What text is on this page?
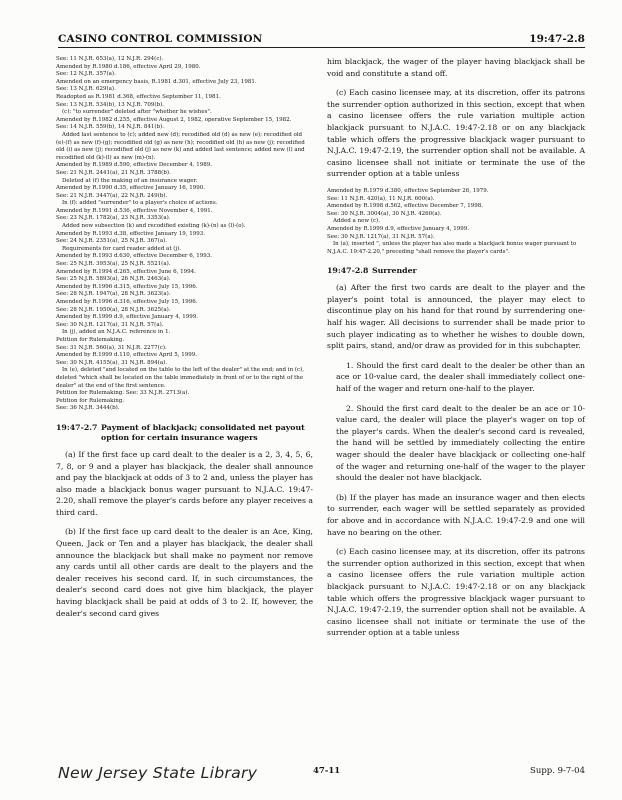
CASINO CONTROL COMMISSION	19:47-2.8
See: 11 N.J.R. 653(a), 12 N.J.R. 294(c).
Amended by R.1980 d.186, effective April 29, 1980.
See: 12 N.J.R. 357(a).
Amended on an emergency basis, R.1981 d.301, effective July 23, 1981.
See: 13 N.J.R. 629(a).
Readopted as R.1981 d.368, effective September 11, 1981.
See: 13 N.J.R. 534(b), 13 N.J.R. 709(b).
(c): "to surrender" deleted after "whether he wishes".
Amended by R.1982 d.255, effective August 2, 1982, operative September 15, 1982.
See: 14 N.J.R. 559(b), 14 N.J.R. 841(b).
Added last sentence to (c); added new (d); recodified old (d) as new (e); recodified old (e)-(f) as new (f)-(g); recodified old (g) as new (h); recodified old (h) as new (j); recodified old (i) as new (j); recodified old (j) as new (k) and added last sentence; added new (l) and recodified old (k)-(l) as new (m)-(n).
Amended by R.1989 d.590, effective December 4, 1989.
See: 21 N.J.R. 2441(a), 21 N.J.R. 3788(b).
Deleted at (f) the making of an insurance wager.
Amended by R.1990 d.35, effective January 16, 1990.
See: 21 N.J.R. 3447(a), 22 N.J.R. 249(b).
In (f): added "surrender" to a player's choice of actions.
Amended by R.1991 d.536, effective November 4, 1991.
See: 23 N.J.R. 1782(a), 23 N.J.R. 3353(a).
Added new subsection (k) and recodified existing (k)-(n) as (l)-(o).
Amended by R.1993 d.38, effective January 19, 1993.
See: 24 N.J.R. 2351(a), 25 N.J.R. 367(a).
Requirements for card reader added at (j).
Amended by R.1993 d.630, effective December 6, 1993.
See: 25 N.J.R. 3953(a), 25 N.J.R. 5521(a).
Amended by R.1994 d.265, effective June 6, 1994.
See: 25 N.J.R. 5893(a), 26 N.J.R. 2463(a).
Amended by R.1996 d.315, effective July 15, 1996.
See: 28 N.J.R. 1947(a), 28 N.J.R. 3623(a).
Amended by R.1996 d.316, effective July 15, 1996.
See: 28 N.J.R. 1950(a), 28 N.J.R. 3625(a).
Amended by R.1999 d.9, effective January 4, 1999.
See: 30 N.J.R. 1217(a), 31 N.J.R. 57(a).
In (j), added an N.J.A.C. reference in 1.
Petition for Rulemaking.
See: 31 N.J.R. 560(a), 31 N.J.R. 2277(c).
Amended by R.1999 d.110, effective April 5, 1999.
See: 30 N.J.R. 4155(a), 31 N.J.R. 894(a).
In (e), deleted "and located on the table to the left of the dealer" at the end; and in (c), deleted "which shall be located on the table immediately in front of or to the right of the dealer" at the end of the first sentence.
Petition for Rulemaking. See: 33 N.J.R. 2713(a).
Petition for Rulemaking.
See: 36 N.J.R. 3444(b).
19:47-2.7 Payment of blackjack; consolidated net payout
option for certain insurance wagers

(a) If the first face up card dealt to the dealer is a 2, 3, 4, 5, 6, 7, 8, or 9 and a player has blackjack, the dealer shall announce and pay the blackjack at odds of 3 to 2 and, unless the player has also made a blackjack bonus wager pursuant to N.J.A.C. 19:47-2.20, shall remove the player's cards before any player receives a third card.

(b) If the first face up card dealt to the dealer is an Ace, King, Queen, Jack or Ten and a player has blackjack, the dealer shall announce the blackjack but shall make no payment nor remove any cards until all other cards are dealt to the players and the dealer receives his second card. If, in such circumstances, the dealer's second card does not give him blackjack, the player having blackjack shall be paid at odds of 3 to 2. If, however, the dealer's second card gives

him blackjack, the wager of the player having blackjack shall be void and constitute a stand off.

(c) Each casino licensee may, at its discretion, offer its patrons the surrender option authorized in this section, except that when a casino licensee offers the rule variation multiple action blackjack pursuant to N.J.A.C. 19:47-2.18 or on any blackjack table which offers the progressive blackjack wager pursuant to N.J.A.C. 19:47-2.19, the surrender option shall not be available. A casino licensee shall not initiate or terminate the use of the surrender option at a table unless

Amended by R.1979 d.380, effective September 26, 1979.
See: 11 N.J.R. 420(a), 11 N.J.R. 600(a).
Amended by R.1998 d.562, effective December 7, 1998.
See: 30 N.J.R. 3004(a), 30 N.J.R. 4260(a).
Added a new (c).
Amended by R.1999 d.9, effective January 4, 1999.
See: 30 N.J.R. 1217(a), 31 N.J.R. 57(a).
In (a), inserted ", unless the player has also made a blackjack bonus wager pursuant to N.J.A.C. 19:47-2.20," preceding "shall remove the player's cards".
19:47-2.8 Surrender

(a) After the first two cards are dealt to the player and the player's point total is announced, the player may elect to discontinue play on his hand for that round by surrendering one-half his wager. All decisions to surrender shall be made prior to such player indicating as to whether he wishes to double down, split pairs, stand, and/or draw as provided for in this subchapter.

1. Should the first card dealt to the dealer be other than an ace or 10-value card, the dealer shall immediately collect one-half of the wager and return one-half to the player.

2. Should the first card dealt to the dealer be an ace or 10-value card, the dealer will place the player's wager on top of the player's cards. When the dealer's second card is revealed, the hand will be settled by immediately collecting the entire wager should the dealer have blackjack or collecting one-half of the wager and returning one-half of the wager to the player should the dealer not have blackjack.

(b) If the player has made an insurance wager and then elects to surrender, each wager will be settled separately as provided for above and in accordance with N.J.A.C. 19:47-2.9 and one will have no bearing on the other.

(c) Each casino licensee may, at its discretion, offer its patrons the surrender option authorized in this section, except that when a casino licensee offers the rule variation multiple action blackjack pursuant to N.J.A.C. 19:47-2.18 or on any blackjack table which offers the progressive blackjack wager pursuant to N.J.A.C. 19:47-2.19, the surrender option shall not be available. A casino licensee shall not initiate or terminate the use of the surrender option at a table unless

New Jersey State Library	47-11	Supp. 9-7-04
